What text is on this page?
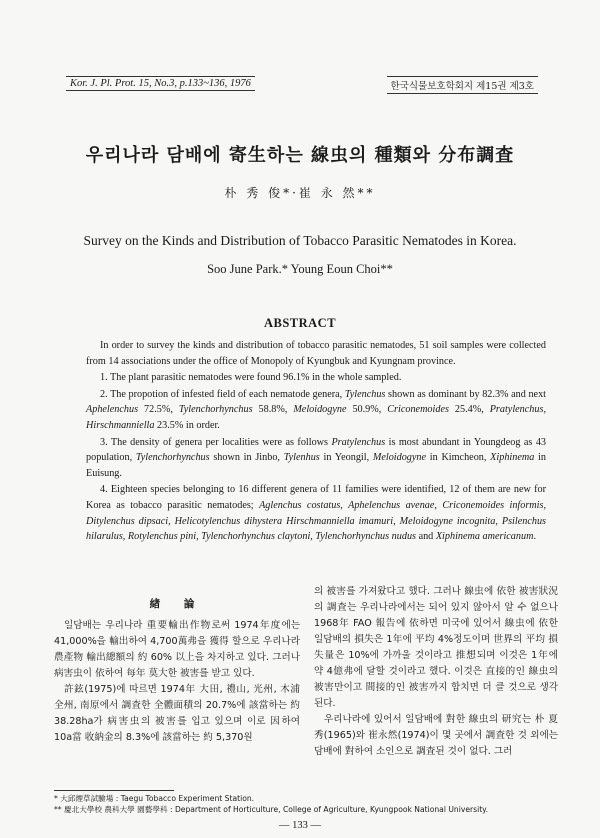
Kor. J. Pl. Prot. 15, No.3, p.133~136, 1976	한국식물보호학회지 제15권 제3호
우리나라 담배에 寄生하는 線虫의 種類와 分布調査
朴 秀 俊*·崔 永 然**
Survey on the Kinds and Distribution of Tobacco Parasitic Nematodes in Korea.
Soo June Park.* Young Eoun Choi**
ABSTRACT

In order to survey the kinds and distribution of tobacco parasitic nematodes, 51 soil samples were collected from 14 associations under the office of Monopoly of Kyungbuk and Kyungnam province.

1. The plant parasitic nematodes were found 96.1% in the whole sampled.

2. The propotion of infested field of each nematode genera, Tylenchus shown as dominant by 82.3% and next Aphelenchus 72.5%, Tylenchorhynchus 58.8%, Meloidogyne 50.9%, Criconemoides 25.4%, Pratylenchus, Hirschmanniella 23.5% in order.

3. The density of genera per localities were as follows Pratylenchus is most abundant in Youngdeog as 43 population, Tylenchorhynchus shown in Jinbo, Tylenhus in Yeongil, Meloidogyne in Kimcheon, Xiphinema in Euisung.

4. Eighteen species belonging to 16 different genera of 11 families were identified, 12 of them are new for Korea as tobacco parasitic nematodes; Aglenchus costatus, Aphelenchus avenae, Criconemoides informis, Ditylenchus dipsaci, Helicotylenchus dihystera Hirschmanniella imamuri, Meloidogyne incognita, Psilenchus hilarulus, Rotylenchus pini, Tylenchorhynchus claytoni, Tylenchorhynchus nudus and Xiphinema americanum.

緖 論

일담배는 우리나라 重要輸出作物로써 1974年度에는 41,000%을 輸出하여 4,700萬弗을 獲得 할으로 우리나라 農產物 輸出總額의 約 60% 以上을 차지하고 있다. 그러나 病害虫이 依하여 每年 莫大한 被害를 받고 있다.

許鉉(1975)에 따르면 1974年 大田, 禮山, 光州, 木浦 全州, 南原에서 調査한 全體面積의 20.7%에 該當하는 約 38.28ha가 病害虫의 被害를 입고 있으며 이로 因하여 10a當 收納金의 8.3%에 該當하는 約 5,370원

의 被害를 가져왔다고 했다. 그러나 線虫에 依한 被害狀況의 調査는 우리나라에서는 되어 있지 않아서 알 수 없으나 1968年 FAO 報告에 依하면 미국에 있어서 線虫에 依한 일담배의 損失은 1年에 平均 4%정도이며 世界의 平均 損失量은 10%에 가까울 것이라고 推想되며 이것은 1年에 약 4億弗에 달할 것이라고 했다. 이것은 直接的인 線虫의 被害만이고 間接的인 被害까지 합치면 더 클 것으로 생각된다.

우리나라에 있어서 일담배에 對한 線虫의 研究는 朴 夏秀(1965)와 崔永然(1974)이 몇 곳에서 調査한 것 외에는 담배에 對하여 소인으로 調査된 것이 없다. 그러

* 大邱煙草試驗場 : Taegu Tobacco Experiment Station.
** 慶北大學校 農科大學 園藝學科 : Department of Horticulture, College of Agriculture, Kyungpook National University.
— 133 —
